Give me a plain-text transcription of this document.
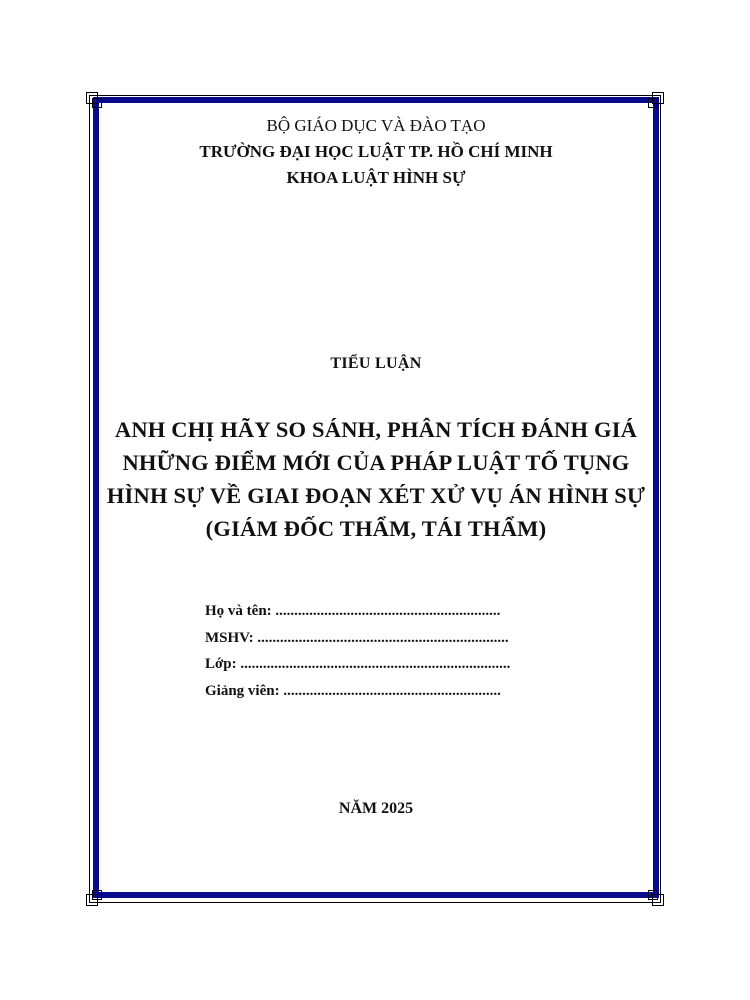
BỘ GIÁO DỤC VÀ ĐÀO TẠO

TRƯỜNG ĐẠI HỌC LUẬT TP. HỒ CHÍ MINH

KHOA LUẬT HÌNH SỰ

TIỂU LUẬN

ANH CHỊ HÃY SO SÁNH, PHÂN TÍCH ĐÁNH GIÁ

NHỮNG ĐIỂM MỚI CỦA PHÁP LUẬT TỐ TỤNG

HÌNH SỰ VỀ GIAI ĐOẠN XÉT XỬ VỤ ÁN HÌNH SỰ

(GIÁM ĐỐC THẨM, TÁI THẨM)

Họ và tên: ............................................................
MSHV: ...................................................................
Lớp: ........................................................................
Giảng viên: ..........................................................
NĂM 2025
